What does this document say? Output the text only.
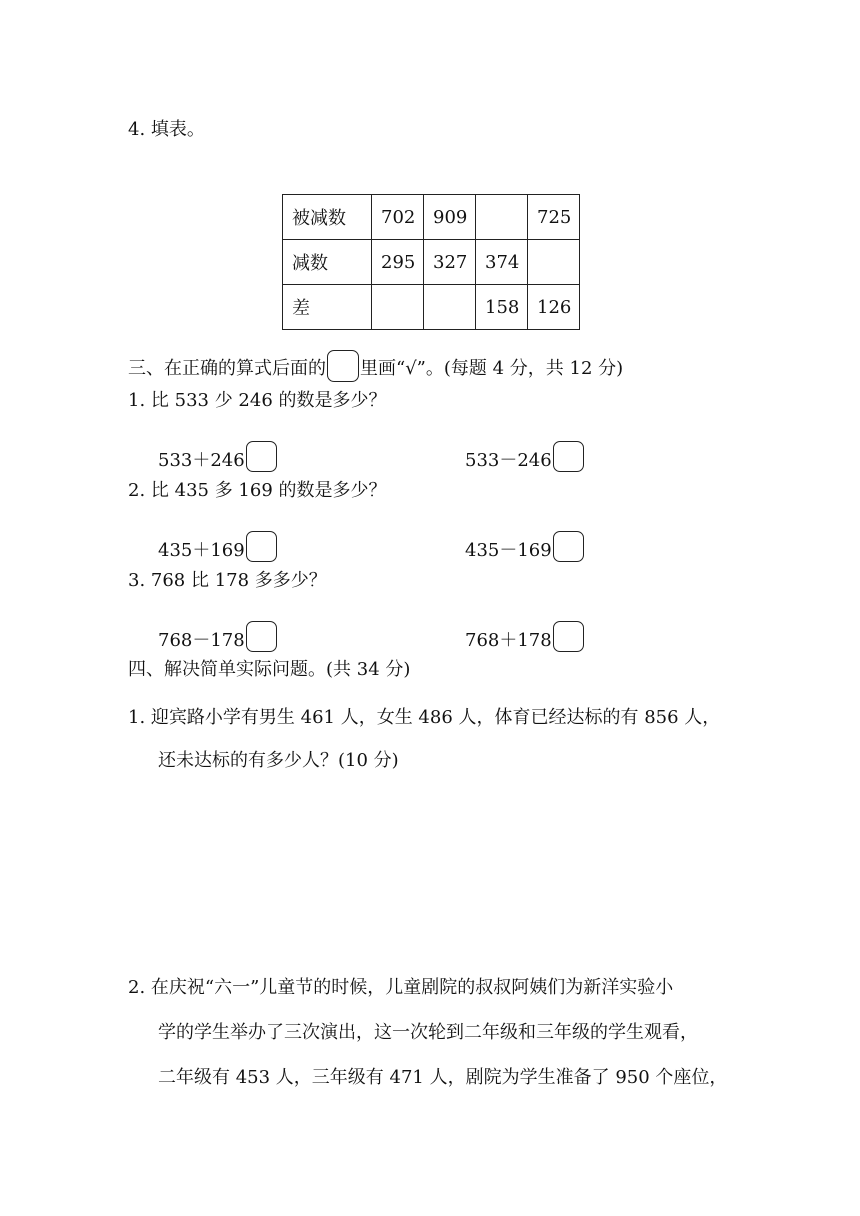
4. 填表。
被减数	702	909		725
减数	295	327	374	
差			158	126
三、在正确的算式后面的 里画“√”。(每题 4 分，共 12 分)
1. 比 533 少 246 的数是多少？
533＋246	533－246
2. 比 435 多 169 的数是多少？
435＋169	435－169
3. 768 比 178 多多少？
768－178	768＋178
四、解决简单实际问题。(共 34 分)
1. 迎宾路小学有男生 461 人，女生 486 人，体育已经达标的有 856 人，
还未达标的有多少人？(10 分)
2. 在庆祝“六一”儿童节的时候，儿童剧院的叔叔阿姨们为新洋实验小
学的学生举办了三次演出，这一次轮到二年级和三年级的学生观看，
二年级有 453 人，三年级有 471 人，剧院为学生准备了 950 个座位，
